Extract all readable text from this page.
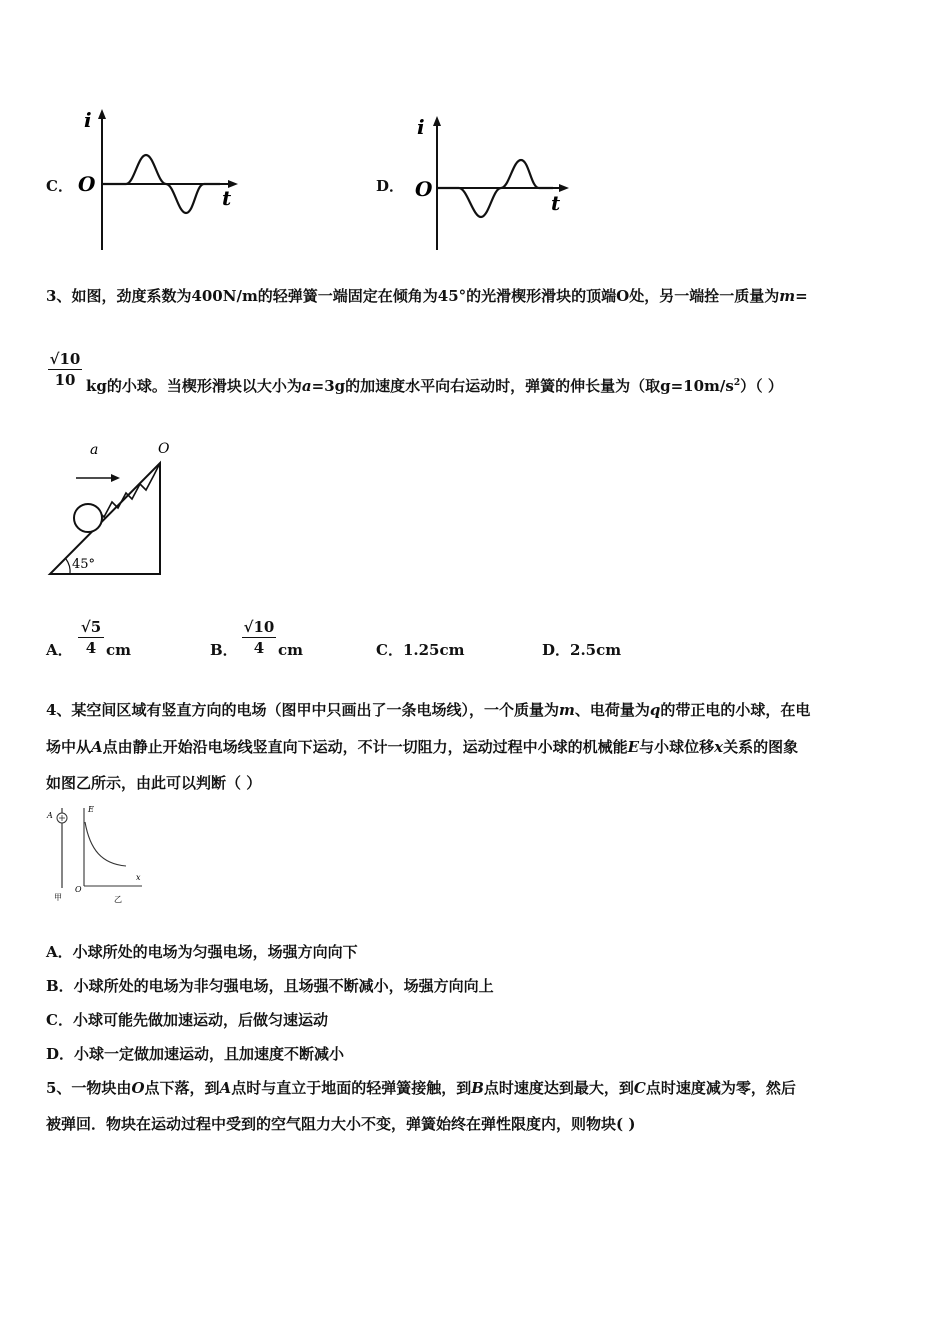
C．
i
O
t	D．
i
O
t
3、如图，劲度系数为400N/m的轻弹簧一端固定在倾角为45°的光滑楔形滑块的顶端O处，另一端拴一质量为m=
√10
10 kg的小球。当楔形滑块以大小为a=3g的加速度水平向右运动时，弹簧的伸长量为（取$g=10m/s^2$）（ ）
a	O
45°
A．
√5
4 cm	B．
√10
4 cm	C．1.25cm	D．2.5cm
4、某空间区域有竖直方向的电场（图甲中只画出了一条电场线），一个质量为m、电荷量为q的带正电的小球，在电
场中从A点由静止开始沿电场线竖直向下运动，不计一切阻力，运动过程中小球的机械能E与小球位移x关系的图象
如图乙所示，由此可以判断（ ）
A
甲
E
O
x
乙
A．小球所处的电场为匀强电场，场强方向向下
B．小球所处的电场为非匀强电场，且场强不断减小，场强方向向上
C．小球可能先做加速运动，后做匀速运动
D．小球一定做加速运动，且加速度不断减小
5、一物块由O点下落，到A点时与直立于地面的轻弹簧接触，到B点时速度达到最大，到C点时速度减为零，然后
被弹回．物块在运动过程中受到的空气阻力大小不变，弹簧始终在弹性限度内，则物块( )
